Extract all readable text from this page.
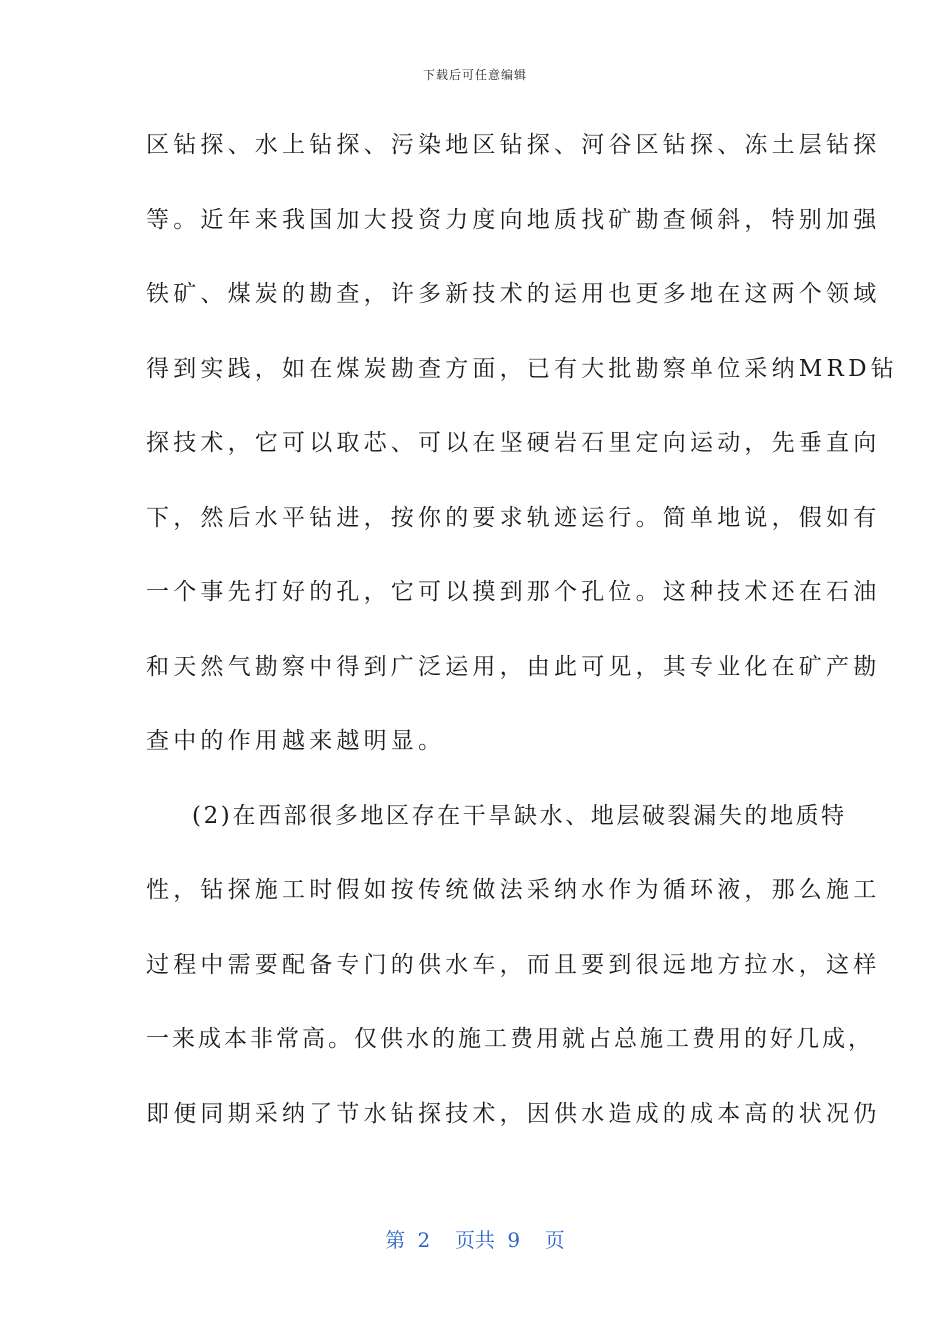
下载后可任意编辑
区钻探、水上钻探、污染地区钻探、河谷区钻探、冻土层钻探
等。近年来我国加大投资力度向地质找矿勘查倾斜，特别加强
铁矿、煤炭的勘查，许多新技术的运用也更多地在这两个领域
得到实践，如在煤炭勘查方面，已有大批勘察单位采纳MRD钻
探技术，它可以取芯、可以在坚硬岩石里定向运动，先垂直向
下，然后水平钻进，按你的要求轨迹运行。简单地说，假如有
一个事先打好的孔，它可以摸到那个孔位。这种技术还在石油
和天然气勘察中得到广泛运用，由此可见，其专业化在矿产勘
查中的作用越来越明显。
(2)在西部很多地区存在干旱缺水、地层破裂漏失的地质特
性，钻探施工时假如按传统做法采纳水作为循环液，那么施工
过程中需要配备专门的供水车，而且要到很远地方拉水，这样
一来成本非常高。仅供水的施工费用就占总施工费用的好几成，
即便同期采纳了节水钻探技术，因供水造成的成本高的状况仍
第 2  页共 9  页
